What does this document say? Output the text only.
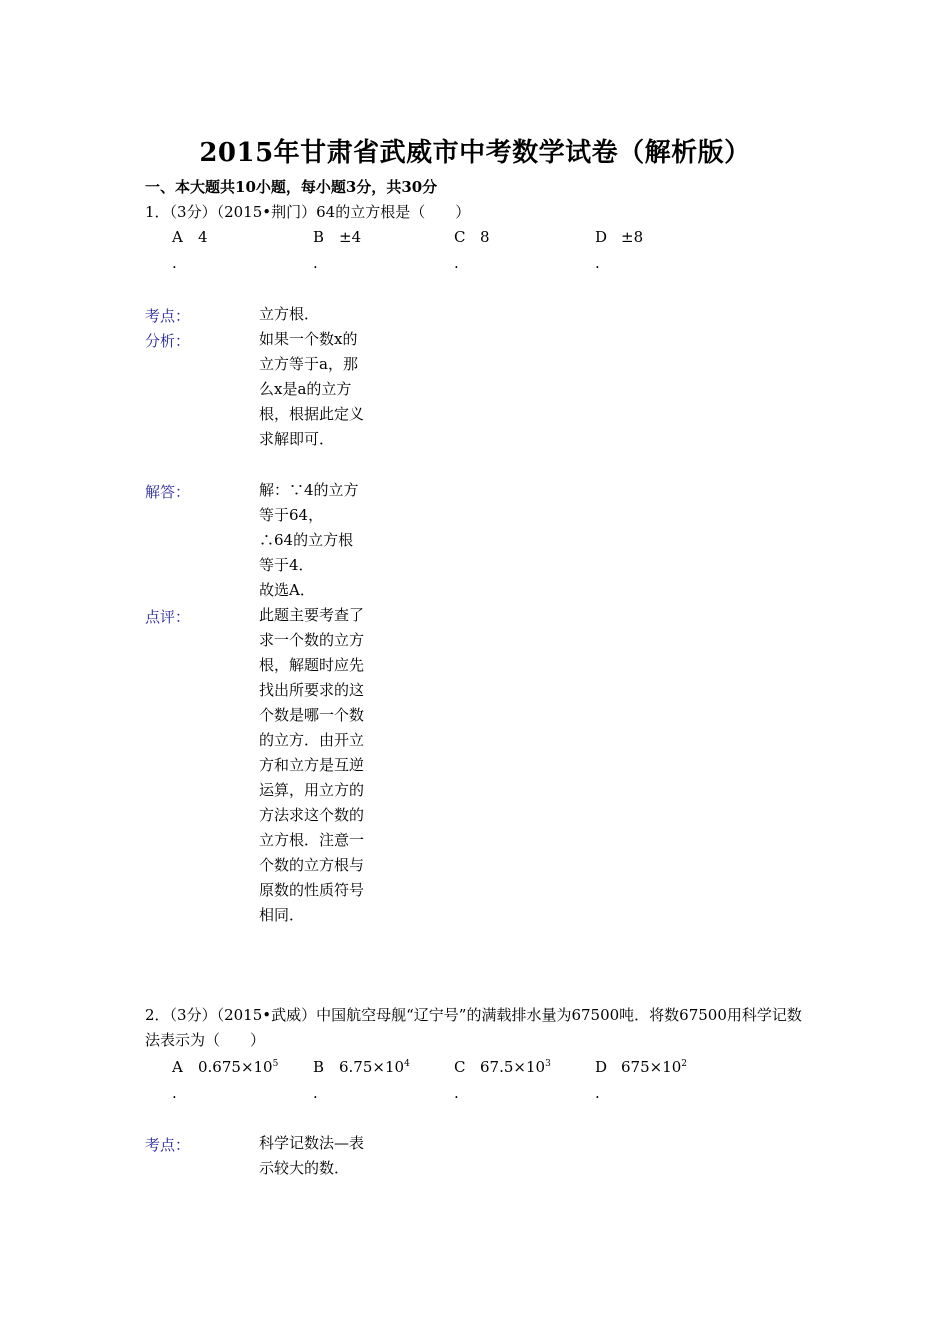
2015年甘肃省武威市中考数学试卷（解析版）
一、本大题共10小题，每小题3分，共30分
1．（3分）（2015•荆门）64的立方根是（　　）
A 4
.
B ±4
.
C 8
.
D ±8
.
考点：	立方根．
分析：	如果一个数x的立方等于a，那么x是a的立方根，根据此定义求解即可．
解答：	解：∵4的立方等于64，
∴64的立方根等于4．
故选A．
点评：	此题主要考查了求一个数的立方根，解题时应先找出所要求的这个数是哪一个数的立方．由开立方和立方是互逆运算，用立方的方法求这个数的立方根．注意一个数的立方根与原数的性质符号相同．
2．（3分）（2015•武威）中国航空母舰“辽宁号”的满载排水量为67500吨．将数67500用科学记数法表示为（　　）
A $0.675\times 10^5$
.
B $6.75\times 10^4$
.
C $67.5\times 10^3$
.
D $675\times 10^2$
.
考点：	科学记数法—表示较大的数．
